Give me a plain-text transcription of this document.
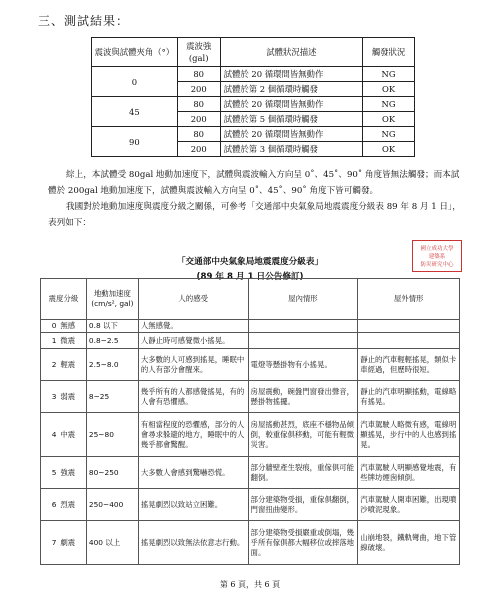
三、測試結果：
震波與試體夾角（°）	震波強(gal)	試體狀況描述	觸發狀況
0	80	試體於 20 循環間皆無動作	NG
	200	試體於第 2 個循環時觸發	OK
45	80	試體於 20 循環間皆無動作	NG
	200	試體於第 5 個循環時觸發	OK
90	80	試體於 20 循環間皆無動作	NG
	200	試體於第 3 個循環時觸發	OK
綜上，本試體受 80gal 地動加速度下，試體與震波輸入方向呈 0˚、45˚、90˚ 角度皆無法觸發；而本試體於 200gal 地動加速度下，試體與震波輸入方向呈 0˚、45˚、90˚ 角度下皆可觸發。
我國對於地動加速度與震度分級之關係，可參考「交通部中央氣象局地震震度分級表 89 年 8 月 1 日」，表列如下：
「交通部中央氣象局地震震度分級表」
(89 年 8 月 1 日公告修訂)
國立成功大學
建築系
防災研究中心
震度分級	地動加速度 (cm/s², gal)	人的感受	屋內情形	屋外情形
0 無感	0.8 以下	人無感覺。		
1 微震	0.8~2.5	人靜止時可感覺微小搖晃。		
2 輕震	2.5~8.0	大多數的人可感到搖晃，睡眠中的人有部分會醒來。	電燈等懸掛物有小搖晃。	靜止的汽車輕輕搖晃，類似卡車經過，但歷時很短。
3 弱震	8~25	幾乎所有的人都感覺搖晃，有的人會有恐懼感。	房屋震動，碗盤門窗發出聲音，懸掛物搖擺。	靜止的汽車明顯搖動，電線略有搖晃。
4 中震	25~80	有相當程度的恐懼感，部分的人會尋求躲避的地方，睡眠中的人幾乎都會驚醒。	房屋搖動甚烈，底座不穩物品傾倒，較重傢俱移動，可能有輕微災害。	汽車駕駛人略微有感，電線明顯搖晃，步行中的人也感到搖晃。
5 強震	80~250	大多數人會感到驚嚇恐慌。	部分牆壁產生裂痕，重傢俱可能翻倒。	汽車駕駛人明顯感覺地震，有些牌坊煙囪傾倒。
6 烈震	250~400	搖晃劇烈以致站立困難。	部分建築物受損，重傢俱翻倒，門窗扭曲變形。	汽車駕駛人開車困難，出現噴沙噴泥現象。
7 劇震	400 以上	搖晃劇烈以致無法依意志行動。	部分建築物受損嚴重或倒塌，幾乎所有傢俱都大幅移位或摔落地面。	山崩地裂，鐵軌彎曲，地下管線破壞。
第 6 頁，共 6 頁
